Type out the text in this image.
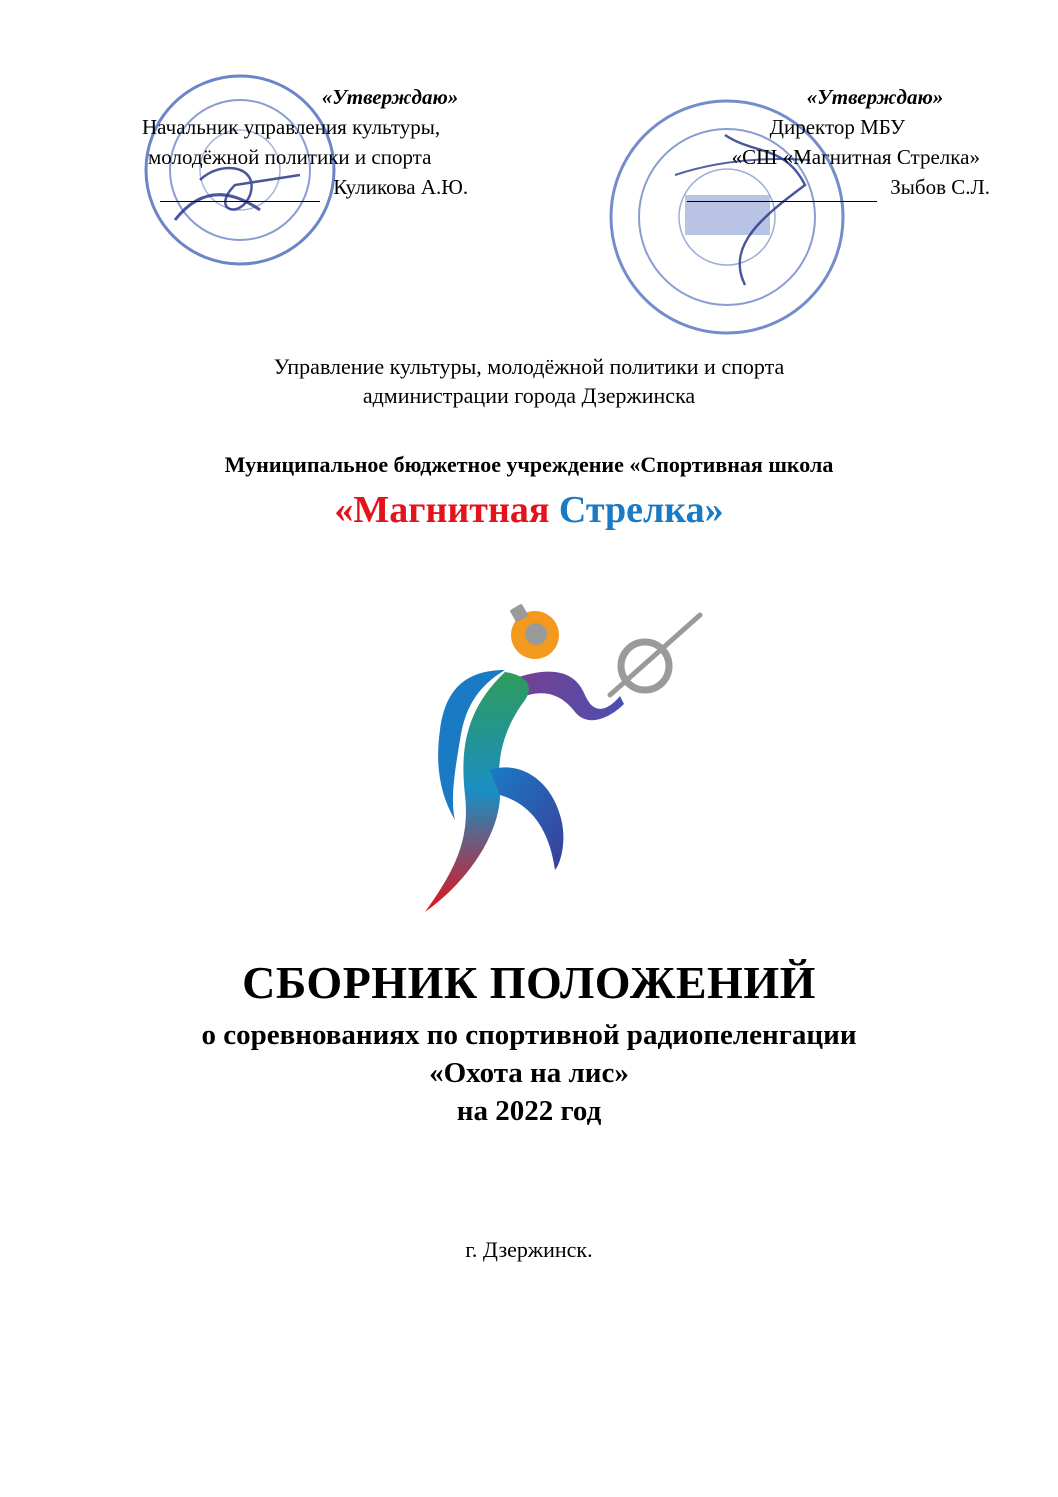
«Утверждаю»
Начальник управления культуры,
молодёжной политики и спорта
Куликова А.Ю.
«Утверждаю»
Директор МБУ
«СШ «Магнитная Стрелка»
Зыбов С.Л.
Управление культуры, молодёжной политики и спорта
администрации города Дзержинска
Муниципальное бюджетное учреждение «Спортивная школа
«Магнитная Стрелка»
СБОРНИК ПОЛОЖЕНИЙ
о соревнованиях по спортивной радиопеленгации
«Охота на лис»
на 2022 год
г. Дзержинск.
